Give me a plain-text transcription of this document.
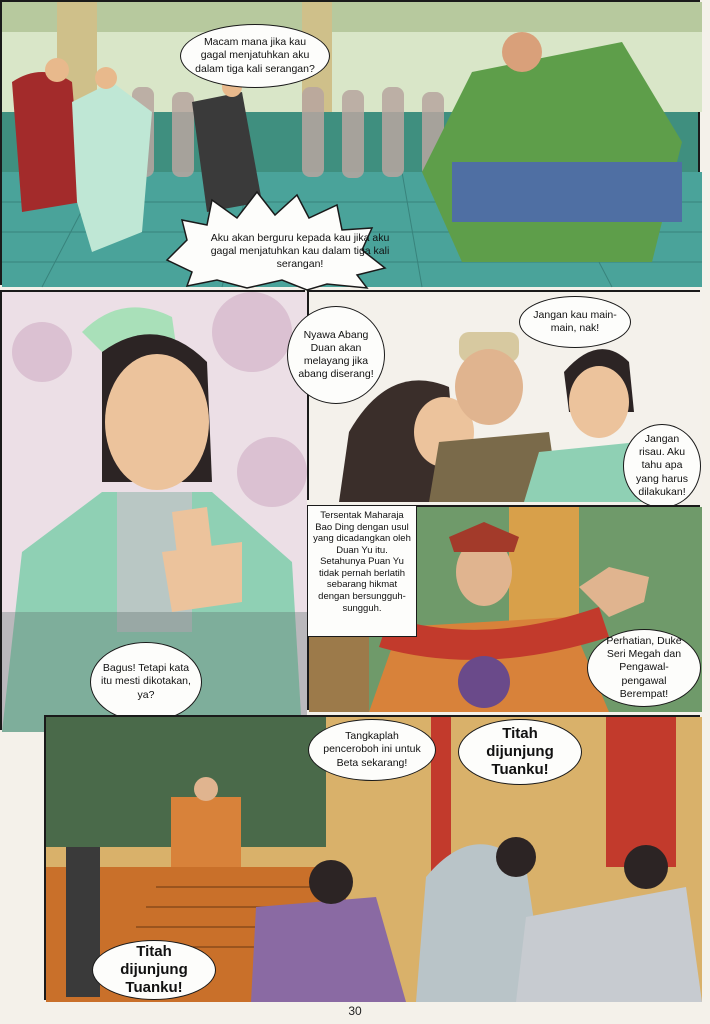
Macam mana jika kau gagal menjatuhkan aku dalam tiga kali serangan?
Aku akan berguru kepada kau jika aku gagal menjatuhkan kau dalam tiga kali serangan!
Bagus! Tetapi kata itu mesti dikotakan, ya?
Nyawa Abang Duan akan melayang jika abang diserang!
Jangan kau main-main, nak!
Jangan risau. Aku tahu apa yang harus dilakukan!
Tersentak Maharaja Bao Ding dengan usul yang dicadangkan oleh Duan Yu itu. Setahunya Puan Yu tidak pernah berlatih sebarang hikmat dengan bersungguh-sungguh.
Perhatian, Duke Seri Megah dan Pengawal-pengawal Berempat!
Tangkaplah penceroboh ini untuk Beta sekarang!
Titah dijunjung Tuanku!
Titah dijunjung Tuanku!
30
